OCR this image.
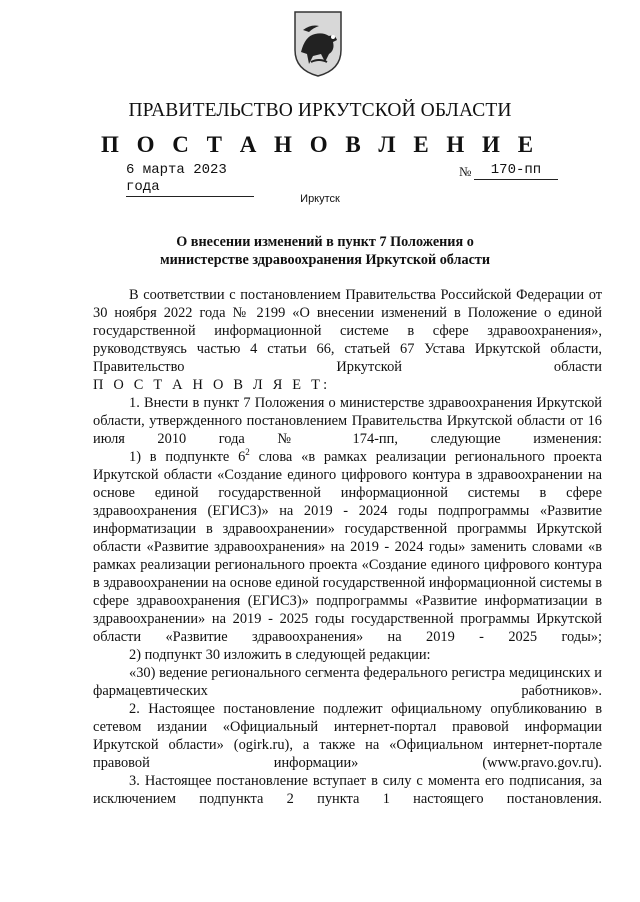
ПРАВИТЕЛЬСТВО ИРКУТСКОЙ ОБЛАСТИ
П О С Т А Н О В Л Е Н И Е
6 марта 2023 года
№	170-пп
Иркутск
О внесении изменений в пункт 7 Положения о министерстве здравоохранения Иркутской области

В соответствии с постановлением Правительства Российской Федерации от 30 ноября 2022 года № 2199 «О внесении изменений в Положение о единой государственной информационной системе в сфере здравоохранения», руководствуясь частью 4 статьи 66, статьей 67 Устава Иркутской области, Правительство Иркутской области

П О С Т А Н О В Л Я Е Т:

1. Внести в пункт 7 Положения о министерстве здравоохранения Иркутской области, утвержденного постановлением Правительства Иркутской области от 16 июля 2010 года № 174-пп, следующие изменения:

1) в подпункте $6^2$ слова «в рамках реализации регионального проекта Иркутской области «Создание единого цифрового контура в здравоохранении на основе единой государственной информационной системы в сфере здравоохранения (ЕГИСЗ)» на 2019 - 2024 годы подпрограммы «Развитие информатизации в здравоохранении» государственной программы Иркутской области «Развитие здравоохранения» на 2019 - 2024 годы» заменить словами «в рамках реализации регионального проекта «Создание единого цифрового контура в здравоохранении на основе единой государственной информационной системы в сфере здравоохранения (ЕГИСЗ)» подпрограммы «Развитие информатизации в здравоохранении» на 2019 - 2025 годы государственной программы Иркутской области «Развитие здравоохранения» на 2019 - 2025 годы»;

2) подпункт 30 изложить в следующей редакции:

«30) ведение регионального сегмента федерального регистра медицинских и фармацевтических работников».

2. Настоящее постановление подлежит официальному опубликованию в сетевом издании «Официальный интернет-портал правовой информации Иркутской области» (ogirk.ru), а также на «Официальном интернет-портале правовой информации» (www.pravo.gov.ru).

3. Настоящее постановление вступает в силу с момента его подписания, за исключением подпункта 2 пункта 1 настоящего постановления.
